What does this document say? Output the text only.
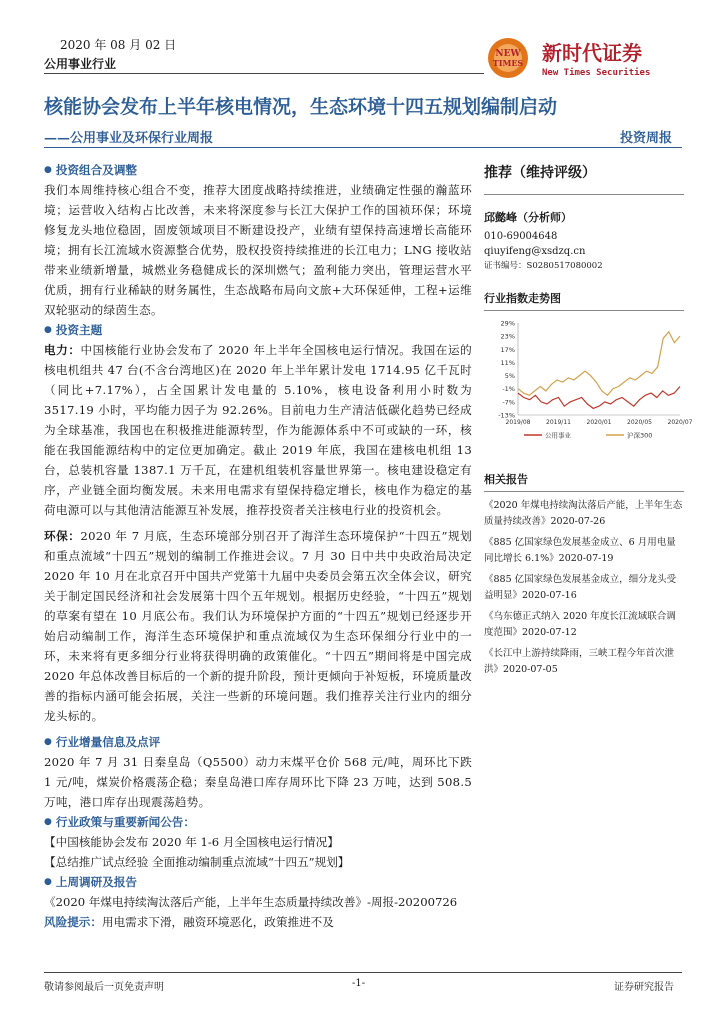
2020 年 08 月 02 日
公用事业行业
NEW
TIMES 新时代证券
New Times Securities
核能协会发布上半年核电情况，生态环境十四五规划编制启动
——公用事业及环保行业周报	投资周报
● 投资组合及调整

我们本周维持核心组合不变，推荐大团度战略持续推进，业绩确定性强的瀚蓝环境；运营收入结构占比改善，未来将深度参与长江大保护工作的国祯环保；环境修复龙头地位稳固，固废领域项目不断建设投产，业绩有望保持高速增长高能环境；拥有长江流域水资源整合优势，股权投资持续推进的长江电力；LNG 接收站带来业绩新增量，城燃业务稳健成长的深圳燃气；盈利能力突出，管理运营水平优质，拥有行业稀缺的财务属性，生态战略布局向文旅+大环保延伸，工程+运维双轮驱动的绿茵生态。

● 投资主题

电力：中国核能行业协会发布了 2020 年上半年全国核电运行情况。我国在运的核电机组共 47 台(不含台湾地区)在 2020 年上半年累计发电 1714.95 亿千瓦时（同比+7.17%），占全国累计发电量的 5.10%，核电设备利用小时数为 3517.19 小时，平均能力因子为 92.26%。目前电力生产清洁低碳化趋势已经成为全球基准，我国也在积极推进能源转型，作为能源体系中不可或缺的一环，核能在我国能源结构中的定位更加确定。截止 2019 年底，我国在建核电机组 13 台，总装机容量 1387.1 万千瓦，在建机组装机容量世界第一。核电建设稳定有序，产业链全面均衡发展。未来用电需求有望保持稳定增长，核电作为稳定的基荷电源可以与其他清洁能源互补发展，推荐投资者关注核电行业的投资机会。

环保：2020 年 7 月底，生态环境部分别召开了海洋生态环境保护“十四五”规划和重点流域“十四五”规划的编制工作推进会议。7 月 30 日中共中央政治局决定 2020 年 10 月在北京召开中国共产党第十九届中央委员会第五次全体会议，研究关于制定国民经济和社会发展第十四个五年规划。根据历史经验，“十四五”规划的草案有望在 10 月底公布。我们认为环境保护方面的“十四五”规划已经逐步开始启动编制工作，海洋生态环境保护和重点流域仅为生态环保细分行业中的一环，未来将有更多细分行业将获得明确的政策催化。“十四五”期间将是中国完成 2020 年总体改善目标后的一个新的提升阶段，预计更倾向于补短板，环境质量改善的指标内涵可能会拓展，关注一些新的环境问题。我们推荐关注行业内的细分龙头标的。

● 行业增量信息及点评

2020 年 7 月 31 日秦皇岛（Q5500）动力末煤平仓价 568 元/吨，周环比下跌 1 元/吨，煤炭价格震荡企稳；秦皇岛港口库存周环比下降 23 万吨，达到 508.5 万吨，港口库存出现震荡趋势。

● 行业政策与重要新闻公告：

【中国核能协会发布 2020 年 1-6 月全国核电运行情况】

【总结推广试点经验 全面推动编制重点流域“十四五”规划】

● 上周调研及报告

《2020 年煤电持续淘汰落后产能，上半年生态质量持续改善》-周报-20200726

风险提示：用电需求下滑，融资环境恶化，政策推进不及

推荐（维持评级）
邱懿峰（分析师）
010-69004648
qiuyifeng@xsdzq.cn
证书编号：S0280517080002
行业指数走势图
29%
23%
17%
11%
5%
-1%
-7%
-13%
2019/08	2019/11	2020/01	2020/05	2020/07
公用事业	沪深300
相关报告
《2020 年煤电持续淘汰落后产能，上半年生态质量持续改善》2020-07-26
《885 亿国家绿色发展基金成立、6 月用电量同比增长 6.1%》2020-07-19
《885 亿国家绿色发展基金成立，细分龙头受益明显》2020-07-16
《乌东德正式纳入 2020 年度长江流域联合调度范围》2020-07-12
《长江中上游持续降雨，三峡工程今年首次泄洪》2020-07-05
敬请参阅最后一页免责声明	-1-	证券研究报告
